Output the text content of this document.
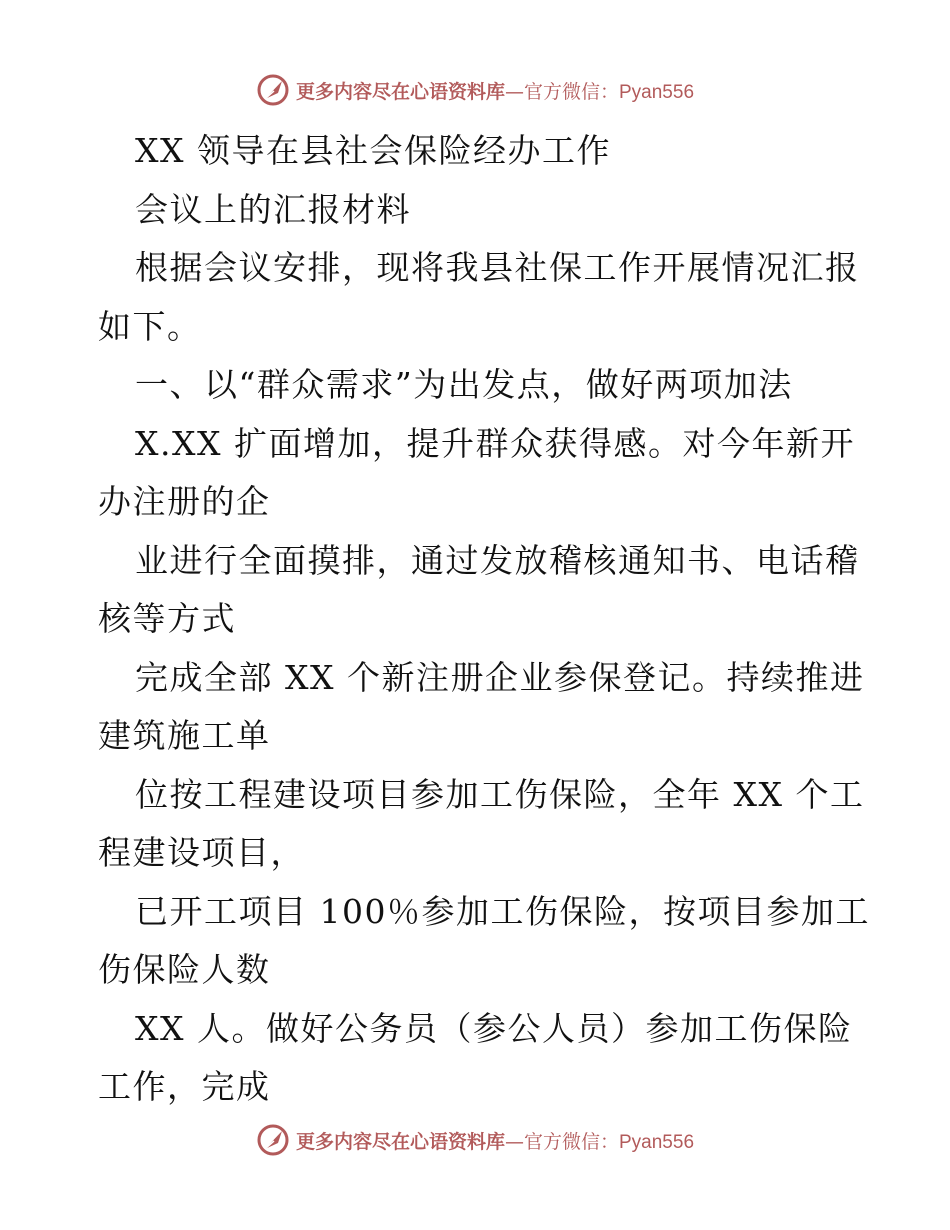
更多内容尽在心语资料库—官方微信：Pyan556
XX 领导在县社会保险经办工作
会议上的汇报材料
根据会议安排，现将我县社保工作开展情况汇报
如下。
一、以“群众需求”为出发点，做好两项加法
X.XX 扩面增加，提升群众获得感。对今年新开
办注册的企
业进行全面摸排，通过发放稽核通知书、电话稽
核等方式
完成全部 XX 个新注册企业参保登记。持续推进
建筑施工单
位按工程建设项目参加工伤保险，全年 XX 个工
程建设项目，
已开工项目 100％参加工伤保险，按项目参加工
伤保险人数
XX 人。做好公务员（参公人员）参加工伤保险
工作，完成
更多内容尽在心语资料库—官方微信：Pyan556
